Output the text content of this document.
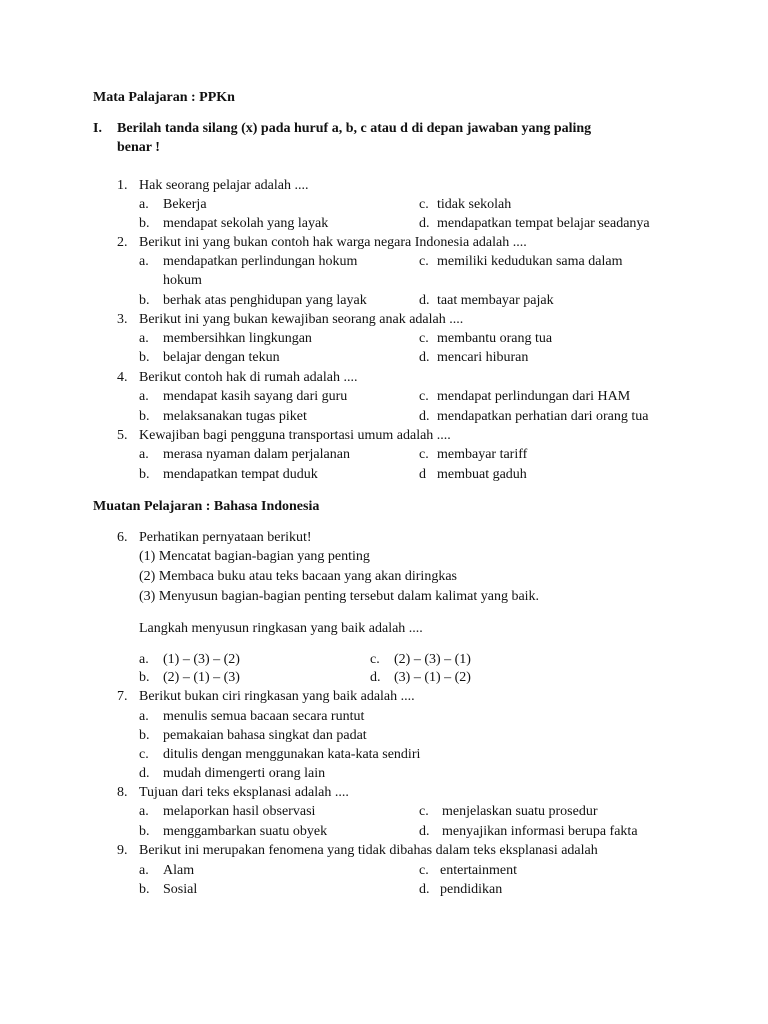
Mata Palajaran : PPKn
I. Berilah tanda silang (x) pada huruf a, b, c atau d di depan jawaban yang paling
benar !
1. Hak seorang pelajar adalah ....
a. Bekerja	c. tidak sekolah
b. mendapat sekolah yang layak	d. mendapatkan tempat belajar seadanya
2. Berikut ini yang bukan contoh hak warga negara Indonesia adalah ....
a. mendapatkan perlindungan hokum	c. memiliki kedudukan sama dalam
hokum
b. berhak atas penghidupan yang layak	d. taat membayar pajak
3. Berikut ini yang bukan kewajiban seorang anak adalah ....
a. membersihkan lingkungan	c. membantu orang tua
b. belajar dengan tekun	d. mencari hiburan
4. Berikut contoh hak di rumah adalah ....
a. mendapat kasih sayang dari guru	c. mendapat perlindungan dari HAM
b. melaksanakan tugas piket	d. mendapatkan perhatian dari orang tua
5. Kewajiban bagi pengguna transportasi umum adalah ....
a. merasa nyaman dalam perjalanan	c. membayar tariff
b. mendapatkan tempat duduk	d membuat gaduh
Muatan Pelajaran : Bahasa Indonesia
6. Perhatikan pernyataan berikut!
(1) Mencatat bagian-bagian yang penting
(2) Membaca buku atau teks bacaan yang akan diringkas
(3) Menyusun bagian-bagian penting tersebut dalam kalimat yang baik.
Langkah menyusun ringkasan yang baik adalah ....
a. (1) – (3) – (2)	c. (2) – (3) – (1)
b. (2) – (1) – (3)	d. (3) – (1) – (2)
7. Berikut bukan ciri ringkasan yang baik adalah ....
a. menulis semua bacaan secara runtut
b. pemakaian bahasa singkat dan padat
c. ditulis dengan menggunakan kata-kata sendiri
d. mudah dimengerti orang lain
8. Tujuan dari teks eksplanasi adalah ....
a. melaporkan hasil observasi	c. menjelaskan suatu prosedur
b. menggambarkan suatu obyek	d. menyajikan informasi berupa fakta
9. Berikut ini merupakan fenomena yang tidak dibahas dalam teks eksplanasi adalah
a. Alam	c. entertainment
b. Sosial	d. pendidikan
